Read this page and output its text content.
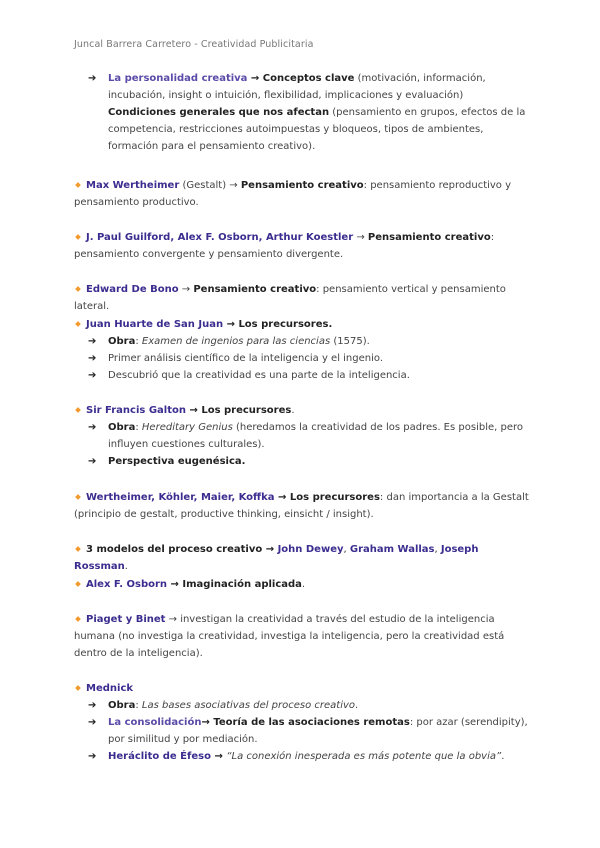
Juncal Barrera Carretero - Creatividad Publicitaria

➔ La personalidad creativa → Conceptos clave (motivación, información, incubación, insight o intuición, flexibilidad, implicaciones y evaluación) Condiciones generales que nos afectan (pensamiento en grupos, efectos de la competencia, restricciones autoimpuestas y bloqueos, tipos de ambientes, formación para el pensamiento creativo).

Max Wertheimer (Gestalt) → Pensamiento creativo: pensamiento reproductivo y pensamiento productivo.

J. Paul Guilford, Alex F. Osborn, Arthur Koestler → Pensamiento creativo: pensamiento convergente y pensamiento divergente.

Edward De Bono → Pensamiento creativo: pensamiento vertical y pensamiento lateral.

Juan Huarte de San Juan → Los precursores.

➔ Obra: Examen de ingenios para las ciencias (1575).

➔ Primer análisis científico de la inteligencia y el ingenio.

➔ Descubrió que la creatividad es una parte de la inteligencia.

Sir Francis Galton → Los precursores.

➔ Obra: Hereditary Genius (heredamos la creatividad de los padres. Es posible, pero influyen cuestiones culturales).

➔ Perspectiva eugenésica.

Wertheimer, Köhler, Maier, Koffka → Los precursores: dan importancia a la Gestalt (principio de gestalt, productive thinking, einsicht / insight).

3 modelos del proceso creativo → John Dewey, Graham Wallas, Joseph Rossman.

Alex F. Osborn → Imaginación aplicada.

Piaget y Binet → investigan la creatividad a través del estudio de la inteligencia humana (no investiga la creatividad, investiga la inteligencia, pero la creatividad está dentro de la inteligencia).

Mednick

➔ Obra: Las bases asociativas del proceso creativo.

➔ La consolidación→ Teoría de las asociaciones remotas: por azar (serendipity), por similitud y por mediación.

➔ Heráclito de Éfeso → “La conexión inesperada es más potente que la obvia”.
